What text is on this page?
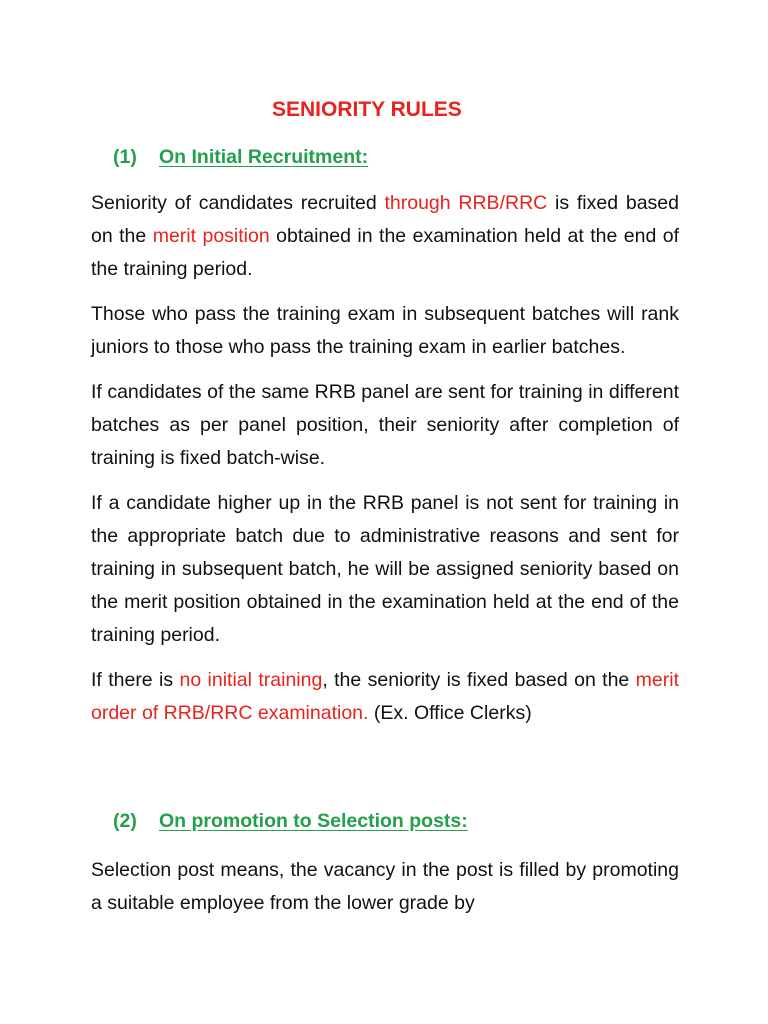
SENIORITY RULES
(1) On Initial Recruitment:

Seniority of candidates recruited through RRB/RRC is fixed based on the merit position obtained in the examination held at the end of the training period.

Those who pass the training exam in subsequent batches will rank juniors to those who pass the training exam in earlier batches.

If candidates of the same RRB panel are sent for training in different batches as per panel position, their seniority after completion of training is fixed batch-wise.

If a candidate higher up in the RRB panel is not sent for training in the appropriate batch due to administrative reasons and sent for training in subsequent batch, he will be assigned seniority based on the merit position obtained in the examination held at the end of the training period.

If there is no initial training, the seniority is fixed based on the merit order of RRB/RRC examination. (Ex. Office Clerks)

(2) On promotion to Selection posts:

Selection post means, the vacancy in the post is filled by promoting a suitable employee from the lower grade by
